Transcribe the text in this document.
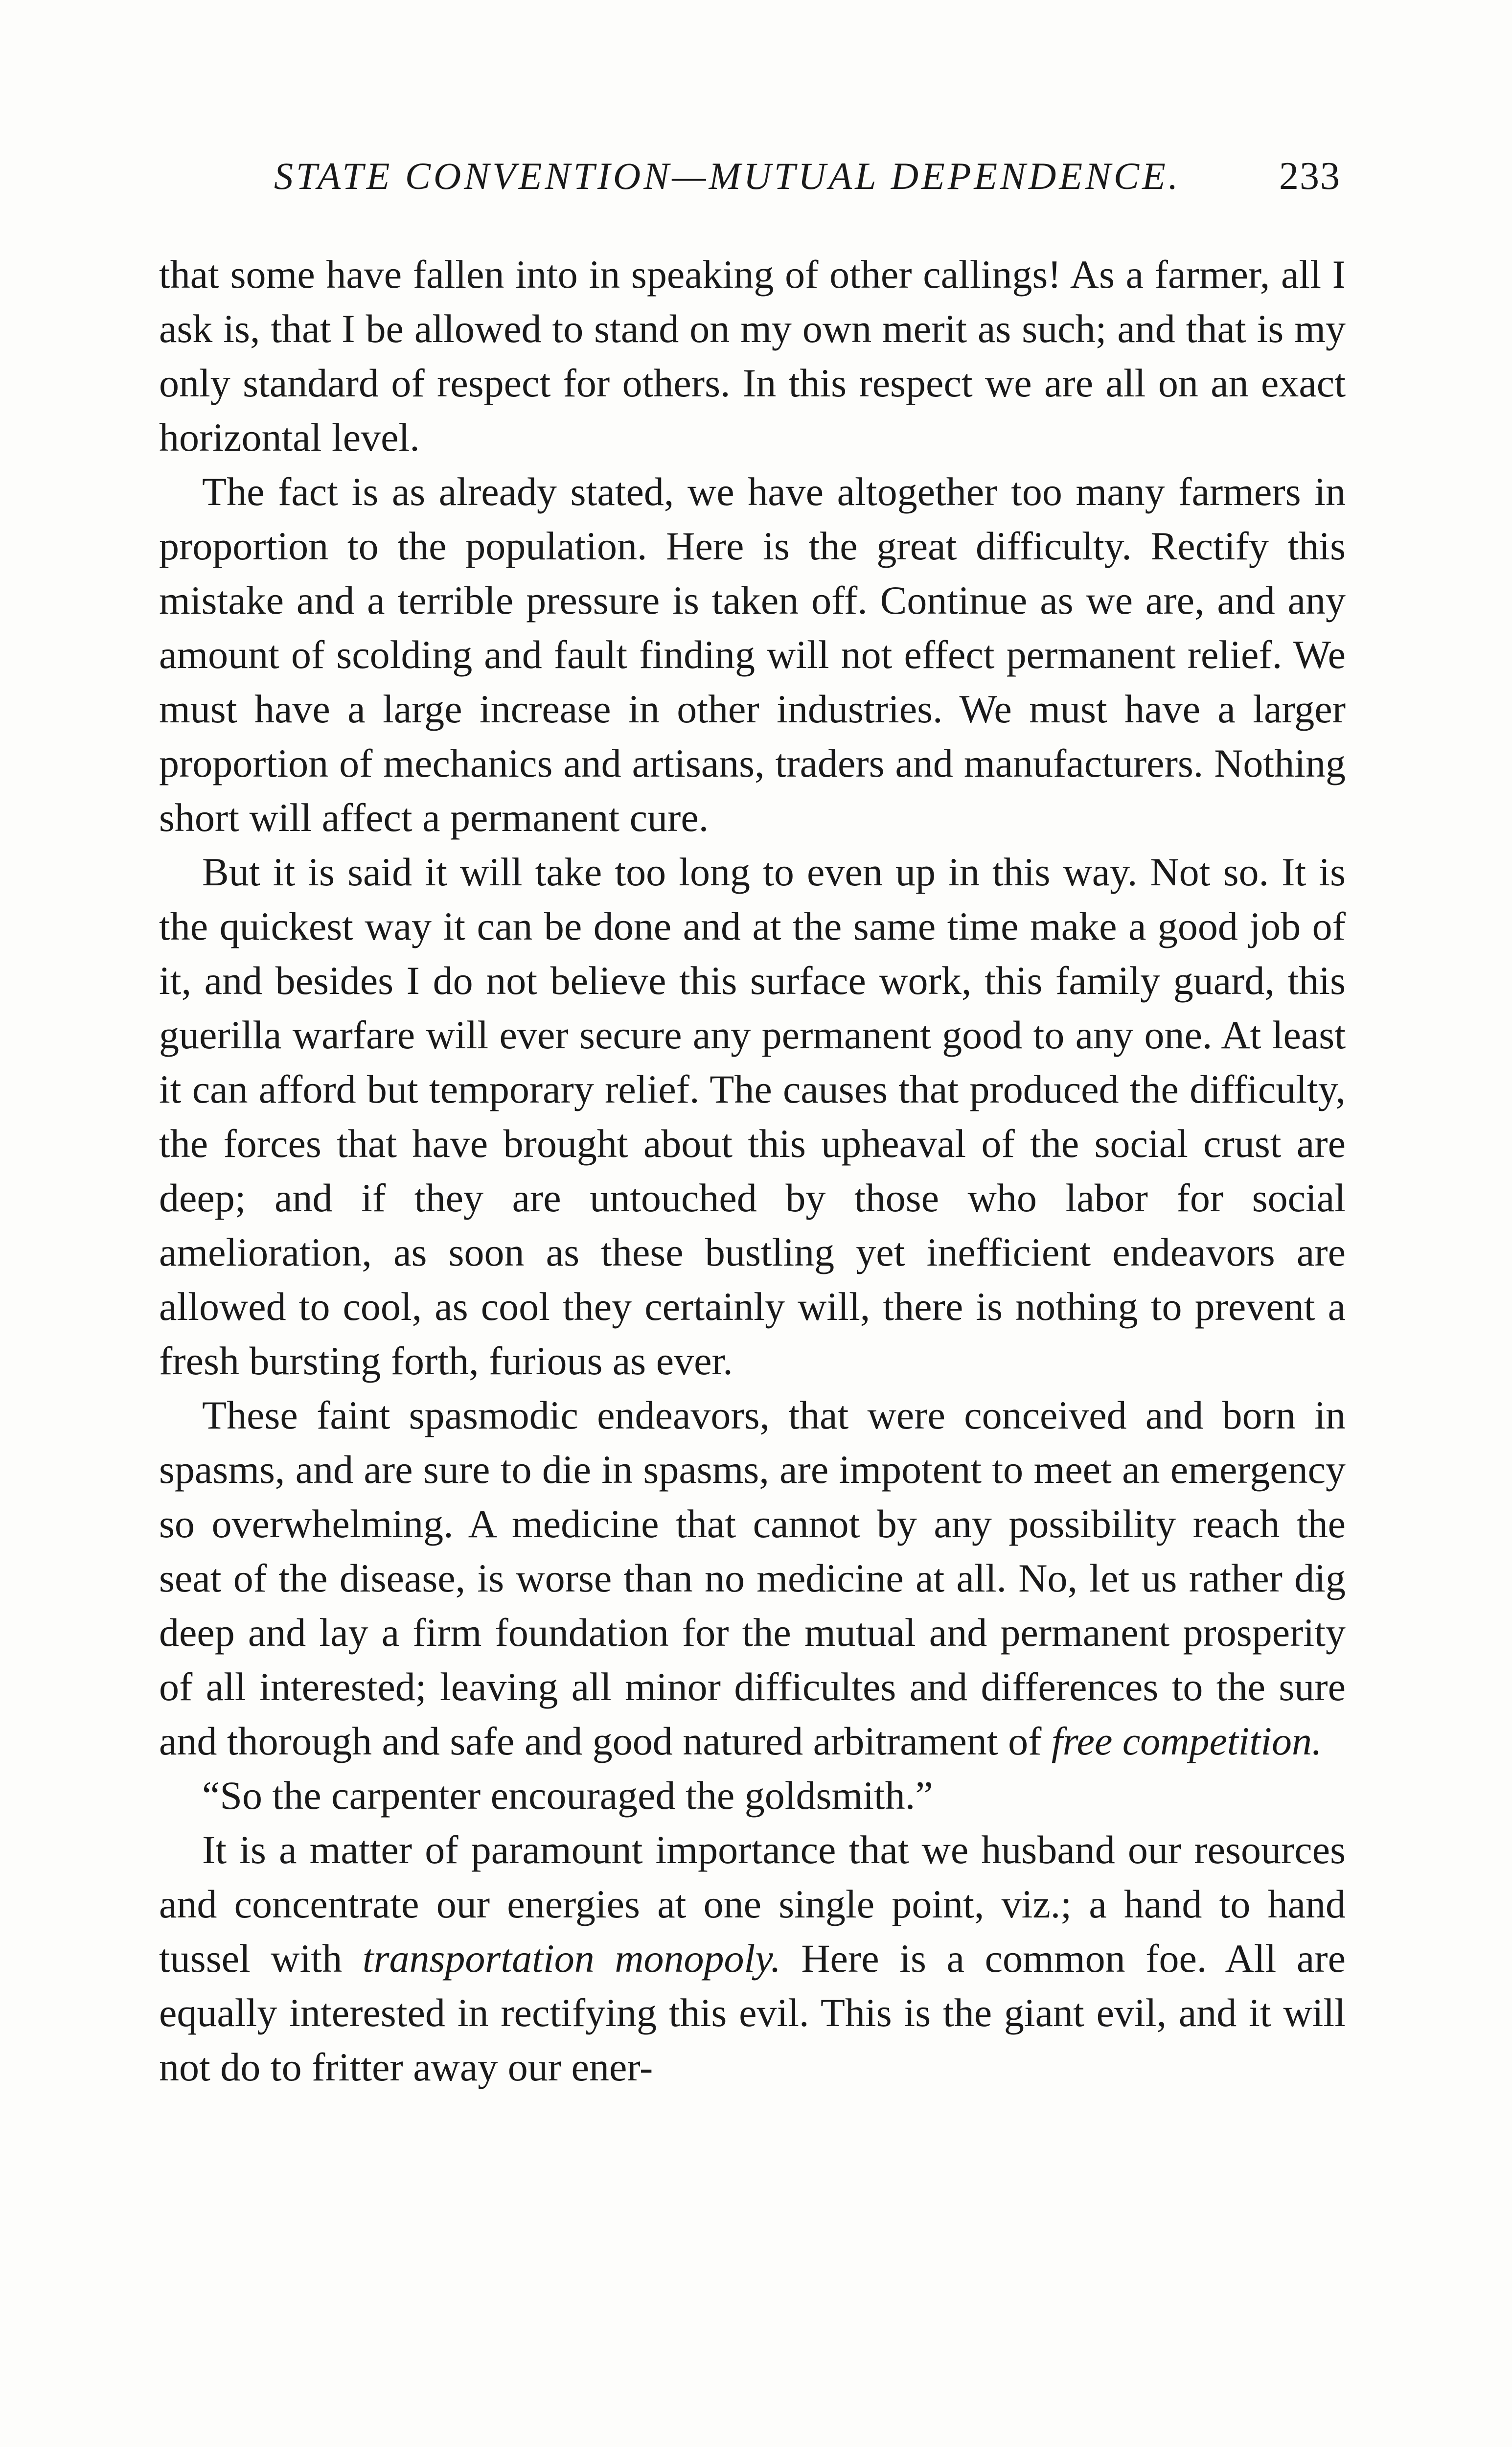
STATE CONVENTION—MUTUAL DEPENDENCE.	233

that some have fallen into in speaking of other callings! As a farmer, all I ask is, that I be allowed to stand on my own merit as such; and that is my only standard of respect for others. In this respect we are all on an exact horizontal level.

The fact is as already stated, we have altogether too many farmers in proportion to the population. Here is the great difficulty. Rectify this mistake and a terrible pressure is taken off. Continue as we are, and any amount of scolding and fault finding will not effect permanent relief. We must have a large increase in other industries. We must have a larger proportion of mechanics and artisans, traders and manufacturers. Nothing short will affect a permanent cure.

But it is said it will take too long to even up in this way. Not so. It is the quickest way it can be done and at the same time make a good job of it, and besides I do not believe this surface work, this family guard, this guerilla warfare will ever secure any permanent good to any one. At least it can afford but temporary relief. The causes that produced the difficulty, the forces that have brought about this upheaval of the social crust are deep; and if they are untouched by those who labor for social amelioration, as soon as these bustling yet inefficient endeavors are allowed to cool, as cool they certainly will, there is nothing to prevent a fresh bursting forth, furious as ever.

These faint spasmodic endeavors, that were conceived and born in spasms, and are sure to die in spasms, are impotent to meet an emergency so overwhelming. A medicine that cannot by any possibility reach the seat of the disease, is worse than no medicine at all. No, let us rather dig deep and lay a firm foundation for the mutual and permanent prosperity of all interested; leaving all minor difficultes and differences to the sure and thorough and safe and good natured arbitrament of free competition.

“So the carpenter encouraged the goldsmith.”

It is a matter of paramount importance that we husband our resources and concentrate our energies at one single point, viz.; a hand to hand tussel with transportation monopoly. Here is a common foe. All are equally interested in rectifying this evil. This is the giant evil, and it will not do to fritter away our ener-
